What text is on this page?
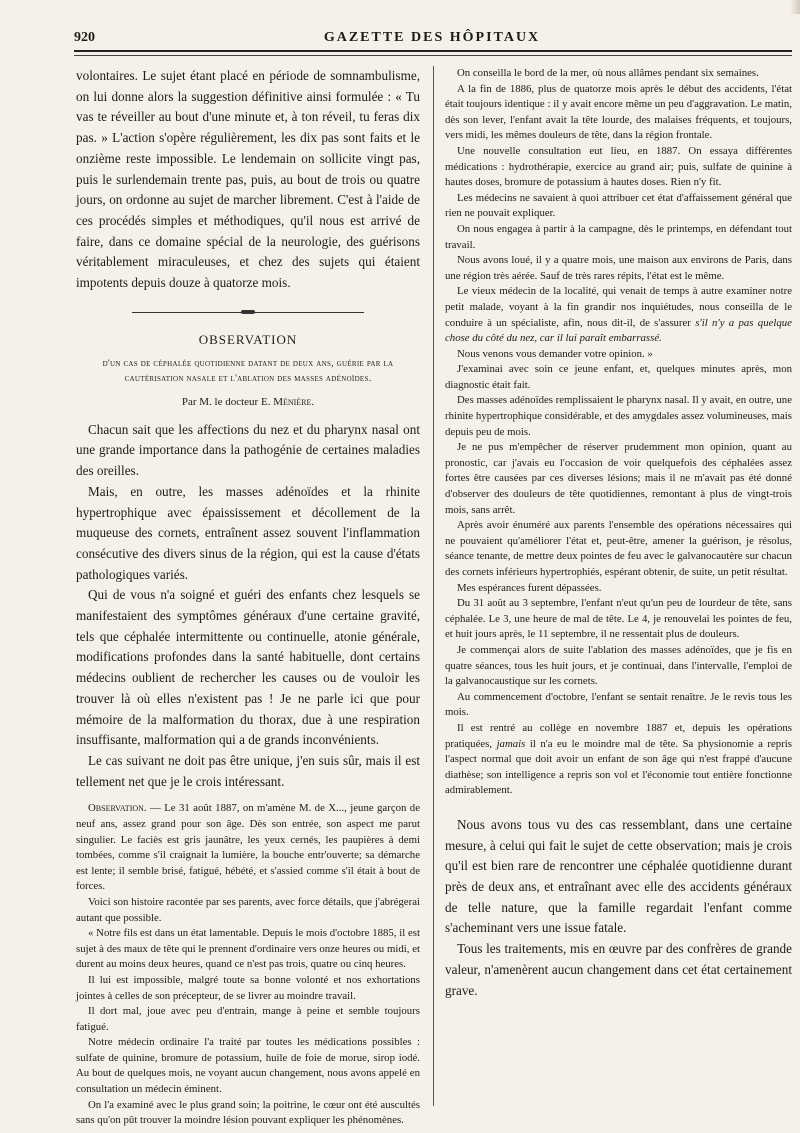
920	GAZETTE DES HÔPITAUX

volontaires. Le sujet étant placé en période de somnambulisme, on lui donne alors la suggestion définitive ainsi formulée : « Tu vas te réveiller au bout d'une minute et, à ton réveil, tu feras dix pas. » L'action s'opère régulièrement, les dix pas sont faits et le onzième reste impossible. Le lendemain on sollicite vingt pas, puis le surlendemain trente pas, puis, au bout de trois ou quatre jours, on ordonne au sujet de marcher librement. C'est à l'aide de ces procédés simples et méthodiques, qu'il nous est arrivé de faire, dans ce domaine spécial de la neurologie, des guérisons véritablement miraculeuses, et chez des sujets qui étaient impotents depuis douze à quatorze mois.

OBSERVATION
d'un cas de céphalée quotidienne datant de deux ans, guérie par la cautérisation nasale et l'ablation des masses adénoïdes.
Par M. le docteur E. Ménière.

Chacun sait que les affections du nez et du pharynx nasal ont une grande importance dans la pathogénie de certaines maladies des oreilles.

Mais, en outre, les masses adénoïdes et la rhinite hypertrophique avec épaississement et décollement de la muqueuse des cornets, entraînent assez souvent l'inflammation consécutive des divers sinus de la région, qui est la cause d'états pathologiques variés.

Qui de vous n'a soigné et guéri des enfants chez lesquels se manifestaient des symptômes généraux d'une certaine gravité, tels que céphalée intermittente ou continuelle, atonie générale, modifications profondes dans la santé habituelle, dont certains médecins oublient de rechercher les causes ou de vouloir les trouver là où elles n'existent pas ! Je ne parle ici que pour mémoire de la malformation du thorax, due à une respiration insuffisante, malformation qui a de grands inconvénients.

Le cas suivant ne doit pas être unique, j'en suis sûr, mais il est tellement net que je le crois intéressant.

Observation. — Le 31 août 1887, on m'amène M. de X..., jeune garçon de neuf ans, assez grand pour son âge. Dès son entrée, son aspect me parut singulier. Le faciès est gris jaunâtre, les yeux cernés, les paupières à demi tombées, comme s'il craignait la lumière, la bouche entr'ouverte; sa démarche est lente; il semble brisé, fatigué, hébété, et s'assied comme s'il était à bout de forces.

Voici son histoire racontée par ses parents, avec force détails, que j'abrégerai autant que possible.

« Notre fils est dans un état lamentable. Depuis le mois d'octobre 1885, il est sujet à des maux de tête qui le prennent d'ordinaire vers onze heures ou midi, et durent au moins deux heures, quand ce n'est pas trois, quatre ou cinq heures.

Il lui est impossible, malgré toute sa bonne volonté et nos exhortations jointes à celles de son précepteur, de se livrer au moindre travail.

Il dort mal, joue avec peu d'entrain, mange à peine et semble toujours fatigué.

Notre médecin ordinaire l'a traité par toutes les médications possibles : sulfate de quinine, bromure de potassium, huile de foie de morue, sirop iodé. Au bout de quelques mois, ne voyant aucun changement, nous avons appelé en consultation un médecin éminent.

On l'a examiné avec le plus grand soin; la poitrine, le cœur ont été auscultés sans qu'on pût trouver la moindre lésion pouvant expliquer les phénomènes.

On conseilla le bord de la mer, où nous allâmes pendant six semaines.

A la fin de 1886, plus de quatorze mois après le début des accidents, l'état était toujours identique : il y avait encore même un peu d'aggravation. Le matin, dès son lever, l'enfant avait la tête lourde, des malaises fréquents, et toujours, vers midi, les mêmes douleurs de tête, dans la région frontale.

Une nouvelle consultation eut lieu, en 1887. On essaya différentes médications : hydrothérapie, exercice au grand air; puis, sulfate de quinine à hautes doses, bromure de potassium à hautes doses. Rien n'y fit.

Les médecins ne savaient à quoi attribuer cet état d'affaissement général que rien ne pouvait expliquer.

On nous engagea à partir à la campagne, dès le printemps, en défendant tout travail.

Nous avons loué, il y a quatre mois, une maison aux environs de Paris, dans une région très aérée. Sauf de très rares répits, l'état est le même.

Le vieux médecin de la localité, qui venait de temps à autre examiner notre petit malade, voyant à la fin grandir nos inquiétudes, nous conseilla de le conduire à un spécialiste, afin, nous dit-il, de s'assurer s'il n'y a pas quelque chose du côté du nez, car il lui paraît embarrassé.

Nous venons vous demander votre opinion. »

J'examinai avec soin ce jeune enfant, et, quelques minutes après, mon diagnostic était fait.

Des masses adénoïdes remplissaient le pharynx nasal. Il y avait, en outre, une rhinite hypertrophique considérable, et des amygdales assez volumineuses, mais depuis peu de mois.

Je ne pus m'empêcher de réserver prudemment mon opinion, quant au pronostic, car j'avais eu l'occasion de voir quelquefois des céphalées assez fortes être causées par ces diverses lésions; mais il ne m'avait pas été donné d'observer des douleurs de tête quotidiennes, remontant à plus de vingt-trois mois, sans arrêt.

Après avoir énuméré aux parents l'ensemble des opérations nécessaires qui ne pouvaient qu'améliorer l'état et, peut-être, amener la guérison, je résolus, séance tenante, de mettre deux pointes de feu avec le galvanocautère sur chacun des cornets inférieurs hypertrophiés, espérant obtenir, de suite, un petit résultat.

Mes espérances furent dépassées.

Du 31 août au 3 septembre, l'enfant n'eut qu'un peu de lourdeur de tête, sans céphalée. Le 3, une heure de mal de tête. Le 4, je renouvelai les pointes de feu, et huit jours après, le 11 septembre, il ne ressentait plus de douleurs.

Je commençai alors de suite l'ablation des masses adénoïdes, que je fis en quatre séances, tous les huit jours, et je continuai, dans l'intervalle, l'emploi de la galvanocaustique sur les cornets.

Au commencement d'octobre, l'enfant se sentait renaître. Je le revis tous les mois.

Il est rentré au collège en novembre 1887 et, depuis les opérations pratiquées, jamais il n'a eu le moindre mal de tête. Sa physionomie a repris l'aspect normal que doit avoir un enfant de son âge qui n'est frappé d'aucune diathèse; son intelligence a repris son vol et l'économie tout entière fonctionne admirablement.

Nous avons tous vu des cas ressemblant, dans une certaine mesure, à celui qui fait le sujet de cette observation; mais je crois qu'il est bien rare de rencontrer une céphalée quotidienne durant près de deux ans, et entraînant avec elle des accidents généraux de telle nature, que la famille regardait l'enfant comme s'acheminant vers une issue fatale.

Tous les traitements, mis en œuvre par des confrères de grande valeur, n'amenèrent aucun changement dans cet état certainement grave.
